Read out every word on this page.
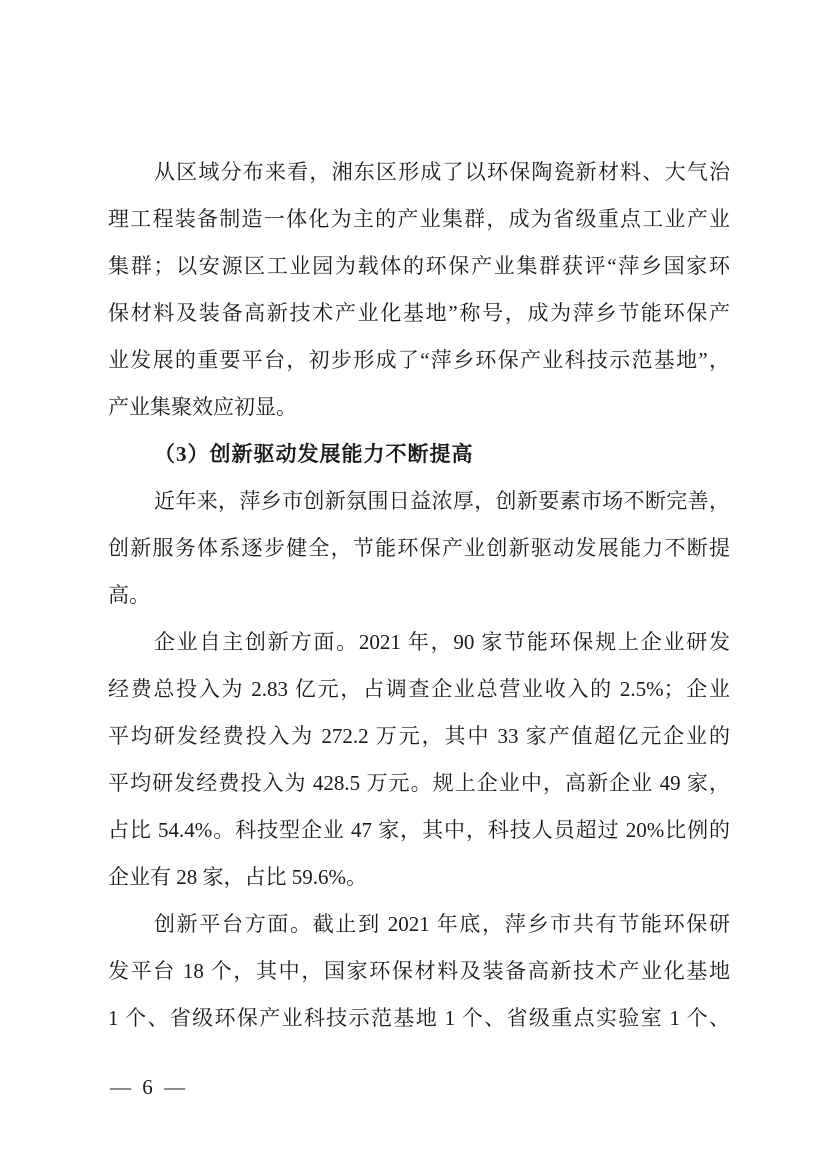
从区域分布来看，湘东区形成了以环保陶瓷新材料、大气治

理工程装备制造一体化为主的产业集群，成为省级重点工业产业

集群；以安源区工业园为载体的环保产业集群获评“萍乡国家环

保材料及装备高新技术产业化基地”称号，成为萍乡节能环保产

业发展的重要平台，初步形成了“萍乡环保产业科技示范基地”，

产业集聚效应初显。

（3）创新驱动发展能力不断提高

近年来，萍乡市创新氛围日益浓厚，创新要素市场不断完善，

创新服务体系逐步健全，节能环保产业创新驱动发展能力不断提

高。

企业自主创新方面。2021 年，90 家节能环保规上企业研发

经费总投入为 2.83 亿元，占调查企业总营业收入的 2.5%；企业

平均研发经费投入为 272.2 万元，其中 33 家产值超亿元企业的

平均研发经费投入为 428.5 万元。规上企业中，高新企业 49 家，

占比 54.4%。科技型企业 47 家，其中，科技人员超过 20%比例的

企业有 28 家，占比 59.6%。

创新平台方面。截止到 2021 年底，萍乡市共有节能环保研

发平台 18 个，其中，国家环保材料及装备高新技术产业化基地

1 个、省级环保产业科技示范基地 1 个、省级重点实验室 1 个、

— 6 —
